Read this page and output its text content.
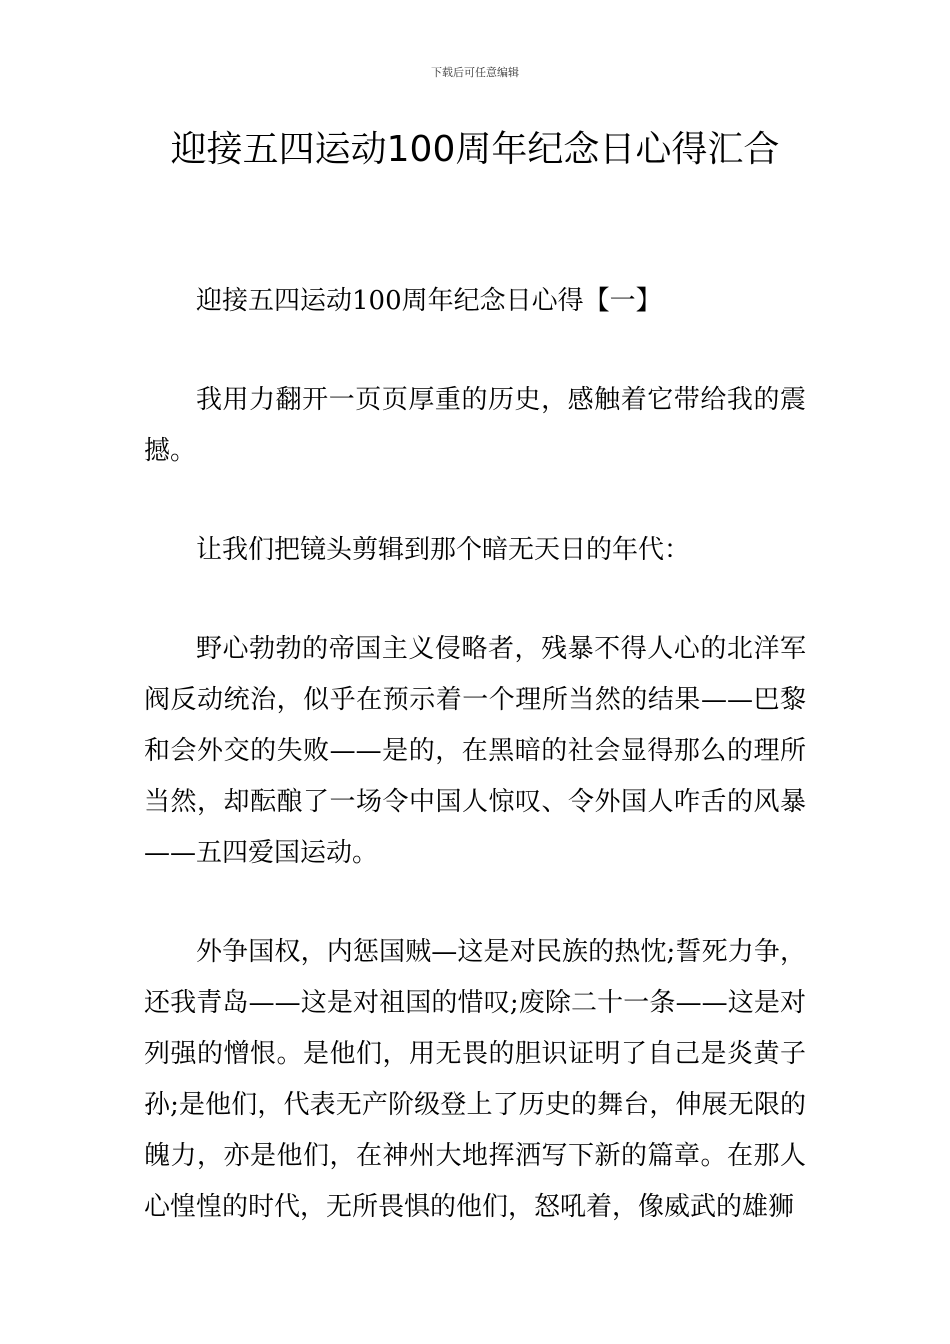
下载后可任意编辑
迎接五四运动100周年纪念日心得汇合

迎接五四运动100周年纪念日心得【一】

我用力翻开一页页厚重的历史，感触着它带给我的震撼。

让我们把镜头剪辑到那个暗无天日的年代：

野心勃勃的帝国主义侵略者，残暴不得人心的北洋军阀反动统治，似乎在预示着一个理所当然的结果——巴黎和会外交的失败——是的，在黑暗的社会显得那么的理所当然，却酝酿了一场令中国人惊叹、令外国人咋舌的风暴——五四爱国运动。

外争国权，内惩国贼—这是对民族的热忱;誓死力争，还我青岛——这是对祖国的惜叹;废除二十一条——这是对列强的憎恨。是他们，用无畏的胆识证明了自己是炎黄子孙;是他们，代表无产阶级登上了历史的舞台，伸展无限的魄力，亦是他们，在神州大地挥洒写下新的篇章。在那人心惶惶的时代，无所畏惧的他们，怒吼着，像威武的雄狮
